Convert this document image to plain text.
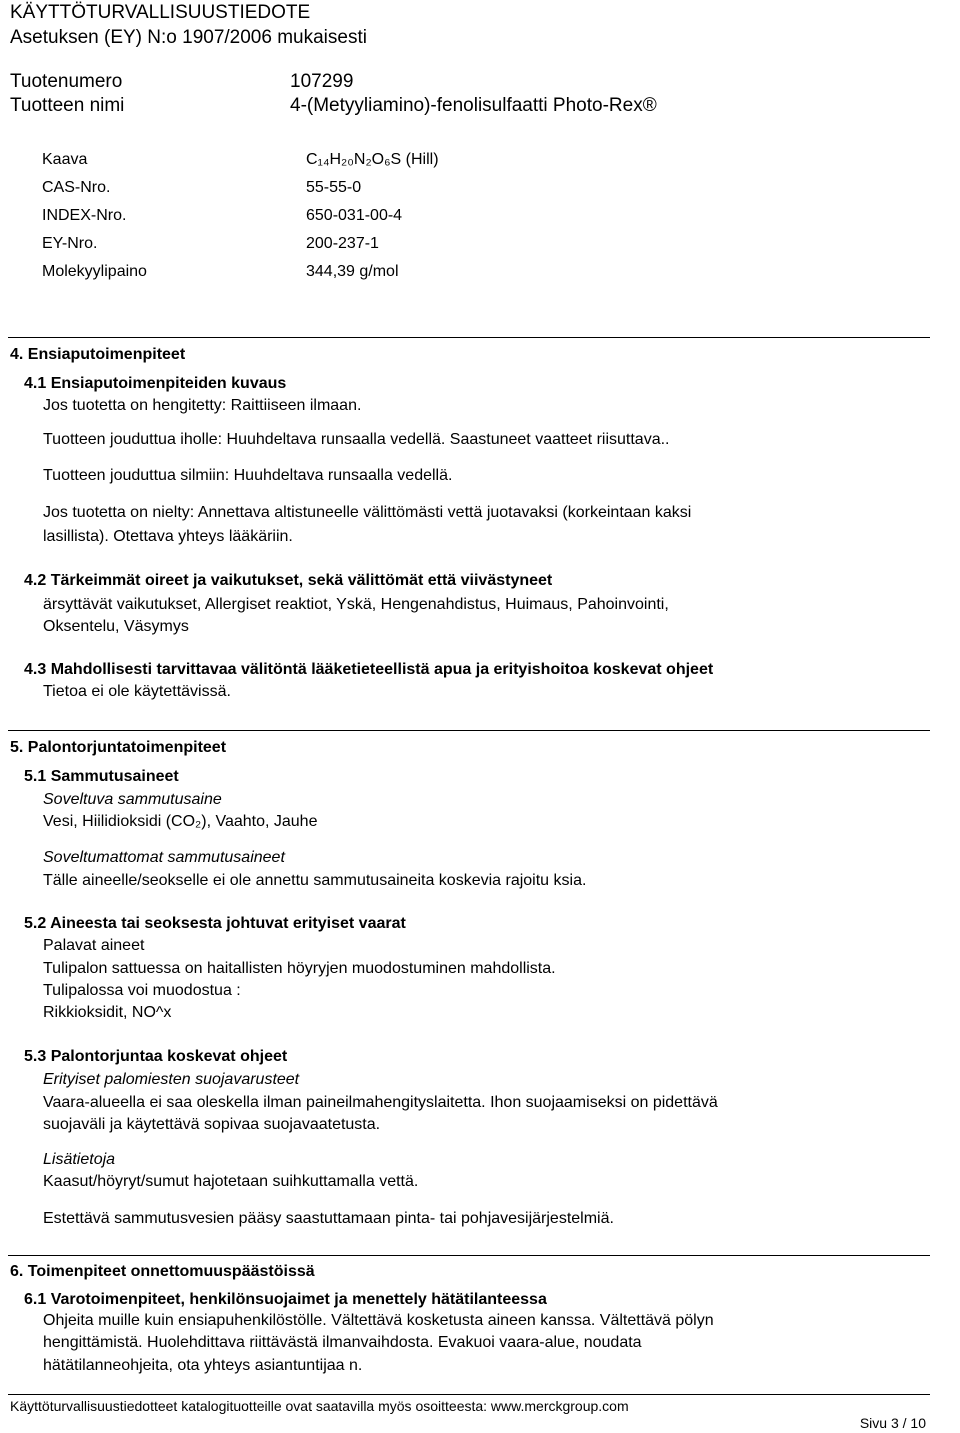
KÄYTTÖTURVALLISUUSTIEDOTE
Asetuksen (EY) N:o 1907/2006 mukaisesti
Tuotenumero	107299
Tuotteen nimi	4-(Metyyliamino)-fenolisulfaatti Photo-Rex®
Kaava	C₁₄H₂₀N₂O₆S (Hill)
CAS-Nro.	55-55-0
INDEX-Nro.	650-031-00-4
EY-Nro.	200-237-1
Molekyylipaino	344,39 g/mol
4. Ensiaputoimenpiteet
4.1 Ensiaputoimenpiteiden kuvaus
Jos tuotetta on hengitetty: Raittiiseen ilmaan.
Tuotteen jouduttua iholle: Huuhdeltava runsaalla vedellä. Saastuneet vaatteet riisuttava..
Tuotteen jouduttua silmiin: Huuhdeltava runsaalla vedellä.
Jos tuotetta on nielty: Annettava altistuneelle välittömästi vettä juotavaksi (korkeintaan kaksi
lasillista). Otettava yhteys lääkäriin.
4.2 Tärkeimmät oireet ja vaikutukset, sekä välittömät että viivästyneet
ärsyttävät vaikutukset, Allergiset reaktiot, Yskä, Hengenahdistus, Huimaus, Pahoinvointi,
Oksentelu, Väsymys
4.3 Mahdollisesti tarvittavaa välitöntä lääketieteellistä apua ja erityishoitoa koskevat ohjeet
Tietoa ei ole käytettävissä.
5. Palontorjuntatoimenpiteet
5.1 Sammutusaineet
Soveltuva sammutusaine
Vesi, Hiilidioksidi (CO₂), Vaahto, Jauhe
Soveltumattomat sammutusaineet
Tälle aineelle/seokselle ei ole annettu sammutusaineita koskevia rajoitu ksia.
5.2 Aineesta tai seoksesta johtuvat erityiset vaarat
Palavat aineet
Tulipalon sattuessa on haitallisten höyryjen muodostuminen mahdollista.
Tulipalossa voi muodostua :
Rikkioksidit, NO^x
5.3 Palontorjuntaa koskevat ohjeet
Erityiset palomiesten suojavarusteet
Vaara-alueella ei saa oleskella ilman paineilmahengityslaitetta. Ihon suojaamiseksi on pidettävä
suojaväli ja käytettävä sopivaa suojavaatetusta.
Lisätietoja
Kaasut/höyryt/sumut hajotetaan suihkuttamalla vettä.
Estettävä sammutusvesien pääsy saastuttamaan pinta- tai pohjavesijärjestelmiä.
6. Toimenpiteet onnettomuuspäästöissä
6.1 Varotoimenpiteet, henkilönsuojaimet ja menettely hätätilanteessa
Ohjeita muille kuin ensiapuhenkilöstölle. Vältettävä kosketusta aineen kanssa. Vältettävä pölyn
hengittämistä. Huolehdittava riittävästä ilmanvaihdosta. Evakuoi vaara-alue, noudata
hätätilanneohjeita, ota yhteys asiantuntijaa n.
Käyttöturvallisuustiedotteet katalogituotteille ovat saatavilla myös osoitteesta: www.merckgroup.com
Sivu 3 / 10
